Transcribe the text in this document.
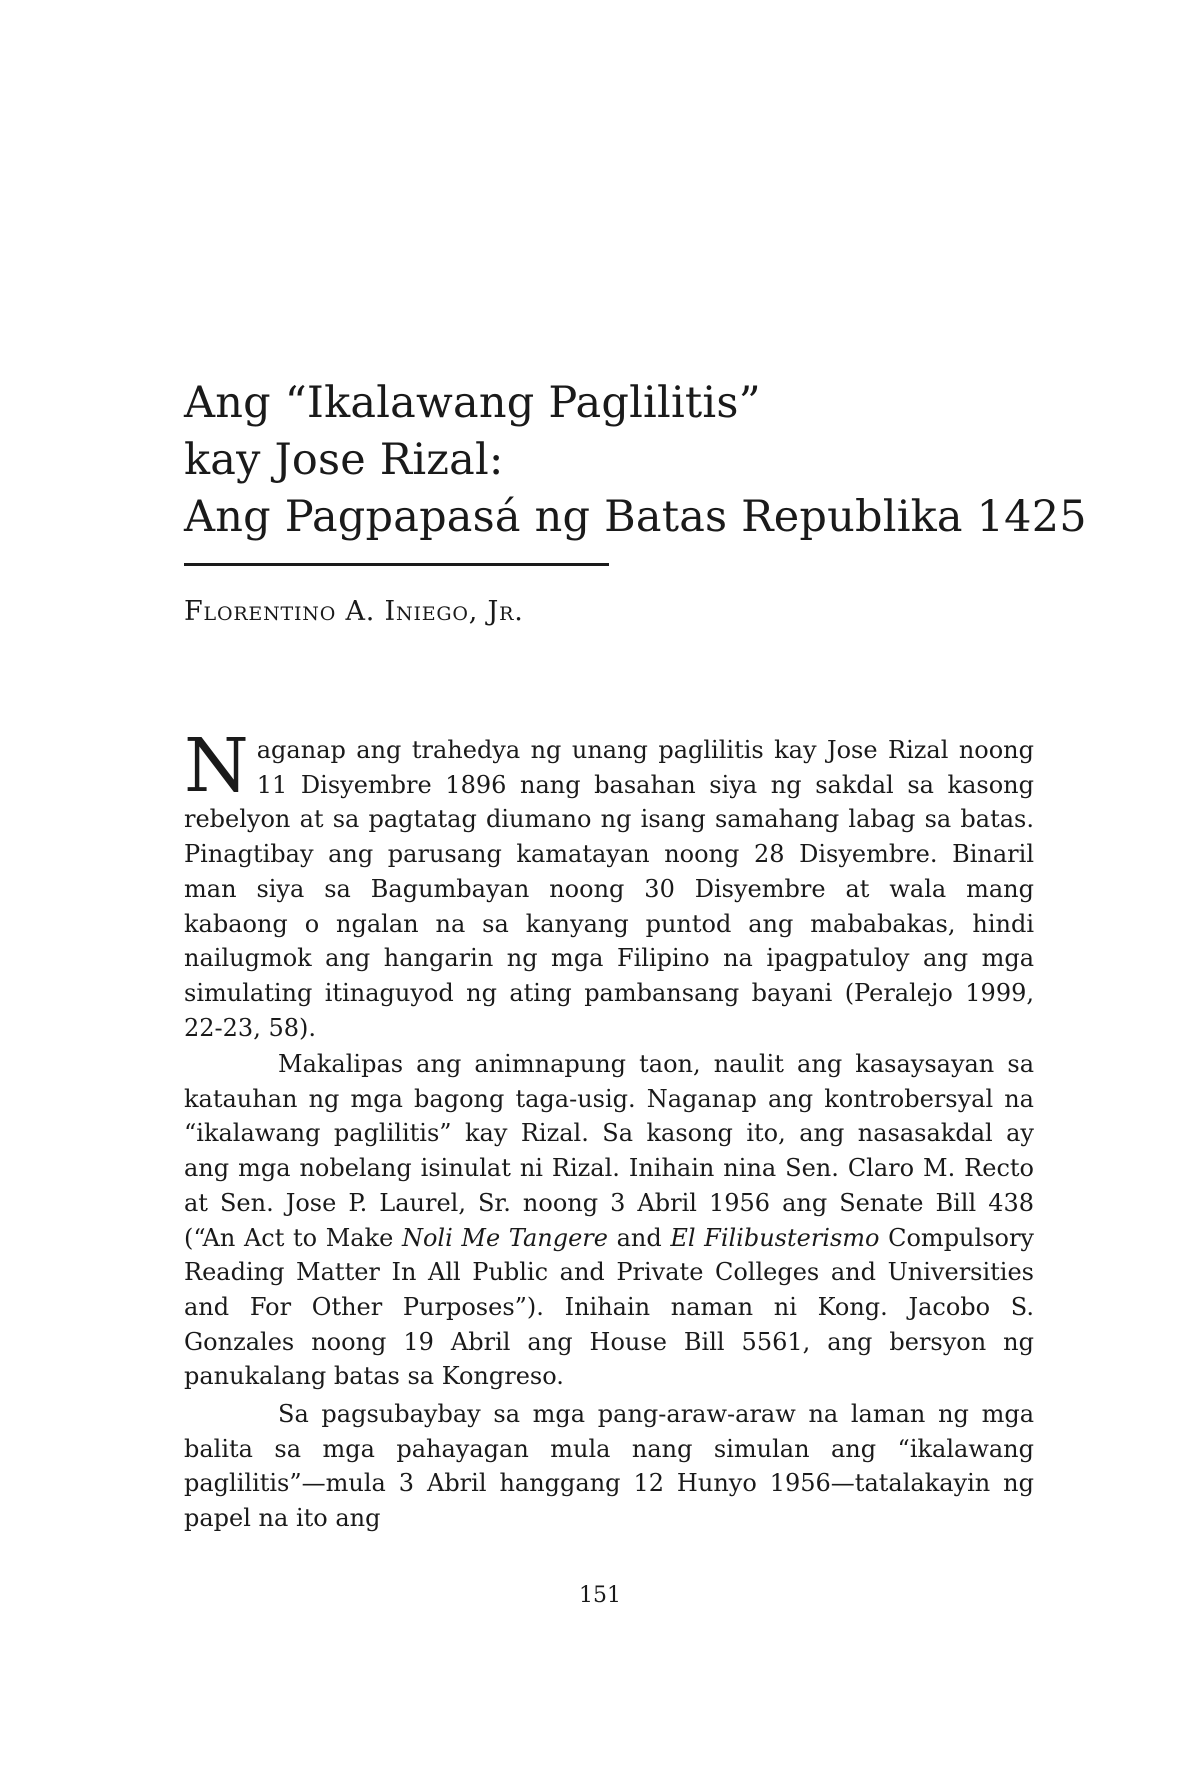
Ang “Ikalawang Paglilitis”
kay Jose Rizal:
Ang Pagpapasá ng Batas Republika 1425
Florentino A. Iniego, Jr.
Naganap ang trahedya ng unang paglilitis kay Jose Rizal noong 11 Disyembre 1896 nang basahan siya ng sakdal sa kasong rebelyon at sa pagtatag diumano ng isang samahang labag sa batas. Pinagtibay ang parusang kamatayan noong 28 Disyembre. Binaril man siya sa Bagumbayan noong 30 Disyembre at wala mang kabaong o ngalan na sa kanyang puntod ang mababakas, hindi nailugmok ang hangarin ng mga Filipino na ipagpatuloy ang mga simulating itinaguyod ng ating pambansang bayani (Peralejo 1999, 22-23, 58).
Makalipas ang animnapung taon, naulit ang kasaysayan sa katauhan ng mga bagong taga-usig. Naganap ang kontrobersyal na “ikalawang paglilitis” kay Rizal. Sa kasong ito, ang nasasakdal ay ang mga nobelang isinulat ni Rizal. Inihain nina Sen. Claro M. Recto at Sen. Jose P. Laurel, Sr. noong 3 Abril 1956 ang Senate Bill 438 (“An Act to Make Noli Me Tangere and El Filibusterismo Compulsory Reading Matter In All Public and Private Colleges and Universities and For Other Purposes”). Inihain naman ni Kong. Jacobo S. Gonzales noong 19 Abril ang House Bill 5561, ang bersyon ng panukalang batas sa Kongreso.
Sa pagsubaybay sa mga pang-araw-araw na laman ng mga balita sa mga pahayagan mula nang simulan ang “ikalawang paglilitis”—mula 3 Abril hanggang 12 Hunyo 1956—tatalakayin ng papel na ito ang
151
